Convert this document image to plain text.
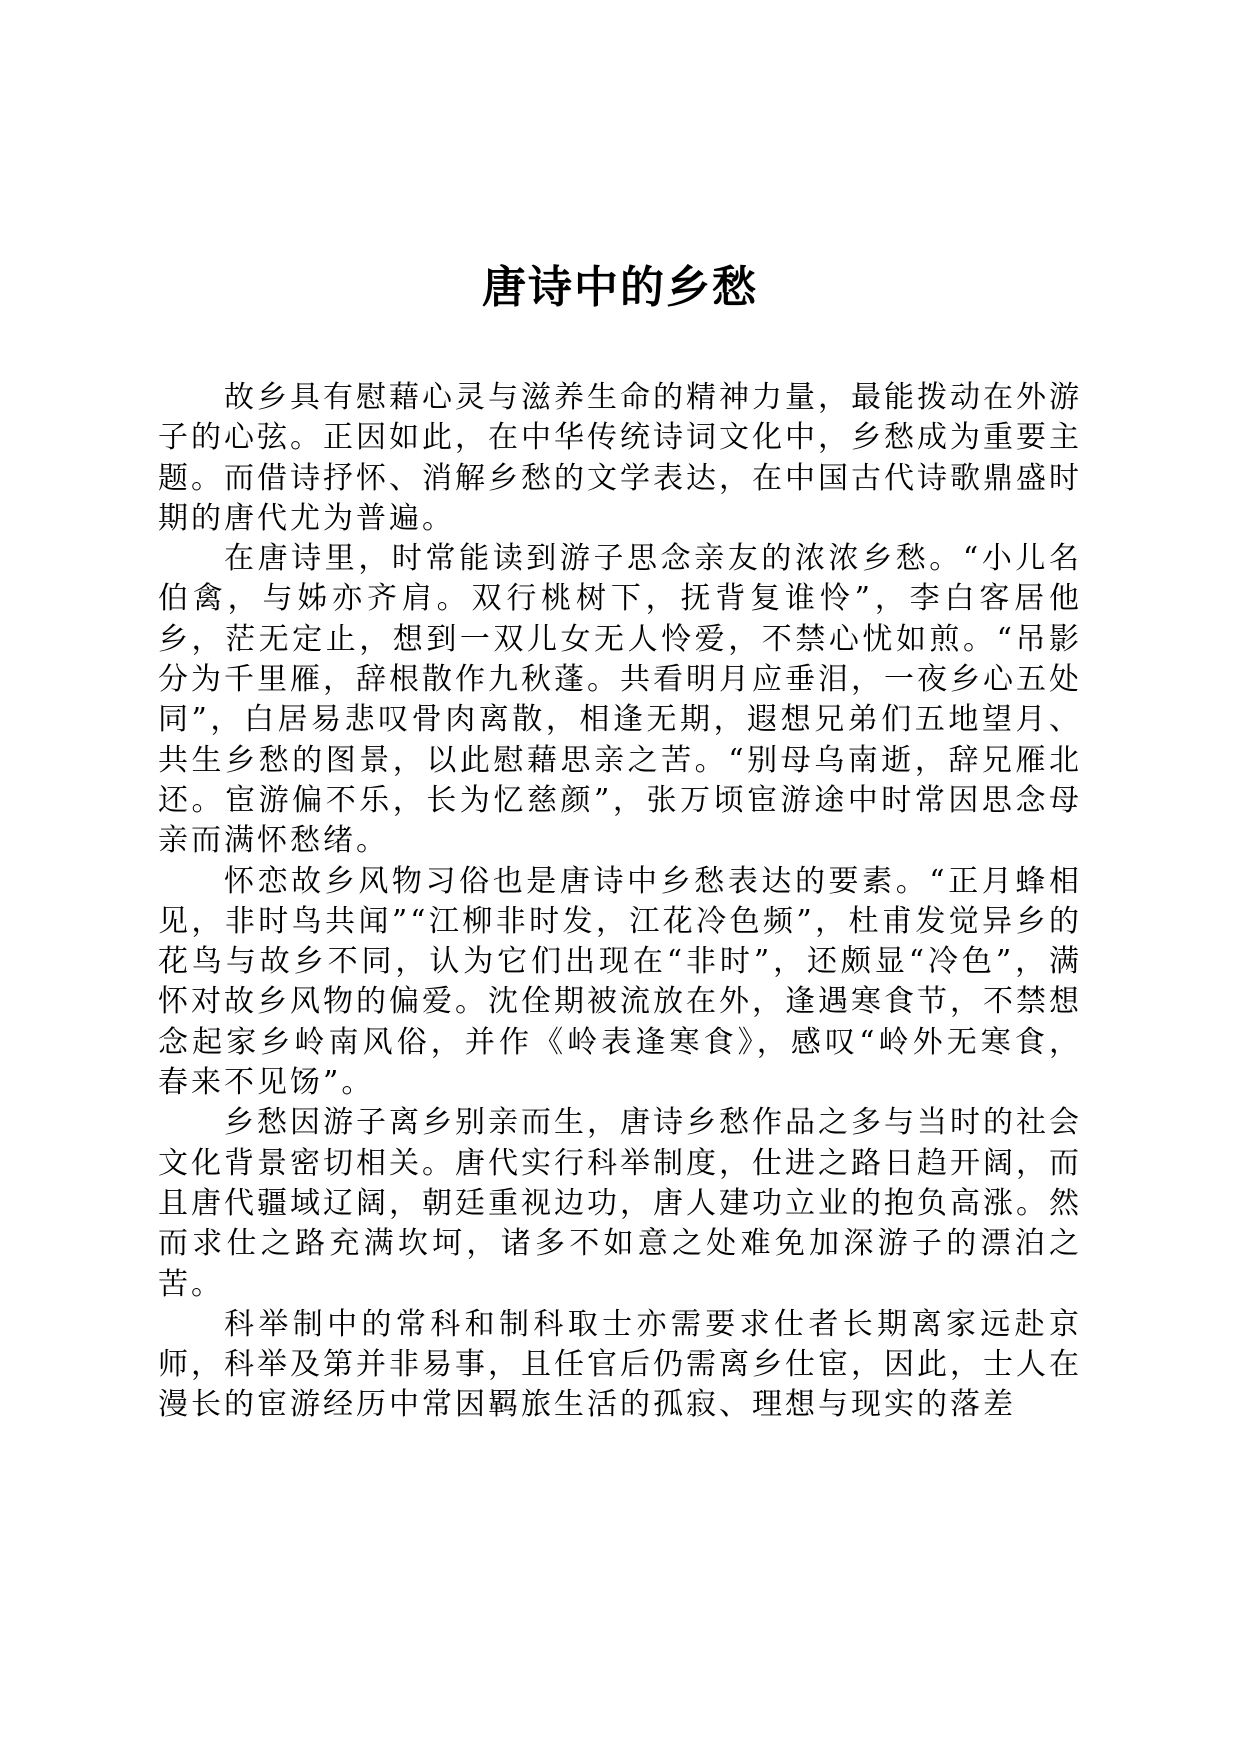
唐诗中的乡愁

故乡具有慰藉心灵与滋养生命的精神力量，最能拨动在外游子的心弦。正因如此，在中华传统诗词文化中，乡愁成为重要主题。而借诗抒怀、消解乡愁的文学表达，在中国古代诗歌鼎盛时期的唐代尤为普遍。

在唐诗里，时常能读到游子思念亲友的浓浓乡愁。“小儿名伯禽，与姊亦齐肩。双行桃树下，抚背复谁怜”，李白客居他乡，茫无定止，想到一双儿女无人怜爱，不禁心忧如煎。“吊影分为千里雁，辞根散作九秋蓬。共看明月应垂泪，一夜乡心五处同”，白居易悲叹骨肉离散，相逢无期，遐想兄弟们五地望月、共生乡愁的图景，以此慰藉思亲之苦。“别母乌南逝，辞兄雁北还。宦游偏不乐，长为忆慈颜”，张万顷宦游途中时常因思念母亲而满怀愁绪。

怀恋故乡风物习俗也是唐诗中乡愁表达的要素。“正月蜂相见，非时鸟共闻”“江柳非时发，江花冷色频”，杜甫发觉异乡的花鸟与故乡不同，认为它们出现在“非时”，还颇显“冷色”，满怀对故乡风物的偏爱。沈佺期被流放在外，逢遇寒食节，不禁想念起家乡岭南风俗，并作《岭表逢寒食》，感叹“岭外无寒食，春来不见饧”。

乡愁因游子离乡别亲而生，唐诗乡愁作品之多与当时的社会文化背景密切相关。唐代实行科举制度，仕进之路日趋开阔，而且唐代疆域辽阔，朝廷重视边功，唐人建功立业的抱负高涨。然而求仕之路充满坎坷，诸多不如意之处难免加深游子的漂泊之苦。

科举制中的常科和制科取士亦需要求仕者长期离家远赴京师，科举及第并非易事，且任官后仍需离乡仕宦，因此，士人在漫长的宦游经历中常因羁旅生活的孤寂、理想与现实的落差
